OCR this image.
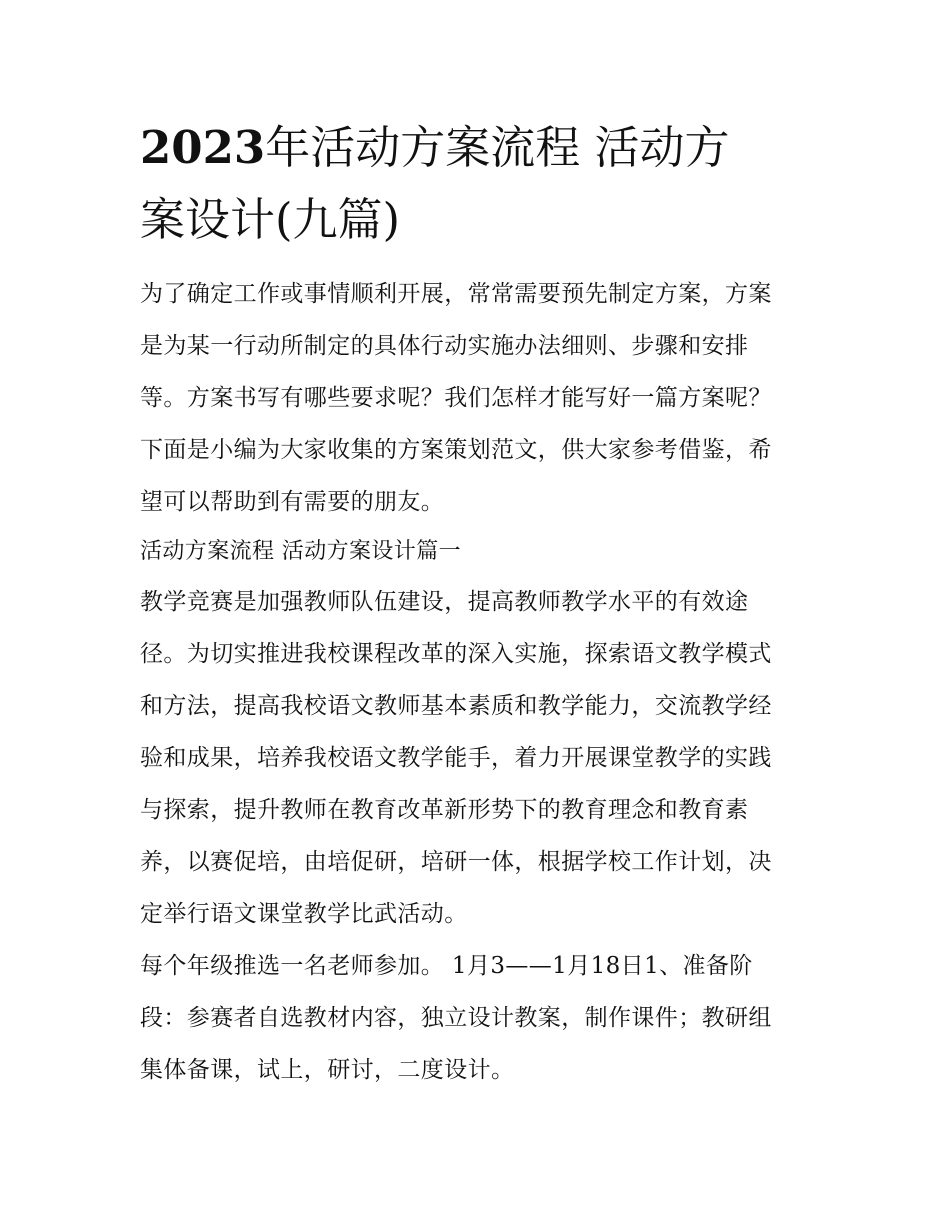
2023年活动方案流程 活动方
案设计(九篇)

为了确定工作或事情顺利开展，常常需要预先制定方案，方案
是为某一行动所制定的具体行动实施办法细则、步骤和安排
等。方案书写有哪些要求呢？我们怎样才能写好一篇方案呢？
下面是小编为大家收集的方案策划范文，供大家参考借鉴，希
望可以帮助到有需要的朋友。

活动方案流程 活动方案设计篇一

教学竞赛是加强教师队伍建设，提高教师教学水平的有效途
径。为切实推进我校课程改革的深入实施，探索语文教学模式
和方法，提高我校语文教师基本素质和教学能力，交流教学经
验和成果，培养我校语文教学能手，着力开展课堂教学的实践
与探索，提升教师在教育改革新形势下的教育理念和教育素
养，以赛促培，由培促研，培研一体，根据学校工作计划，决
定举行语文课堂教学比武活动。

每个年级推选一名老师参加。 1月3——1月18日1、准备阶
段：参赛者自选教材内容，独立设计教案，制作课件；教研组
集体备课，试上，研讨，二度设计。
